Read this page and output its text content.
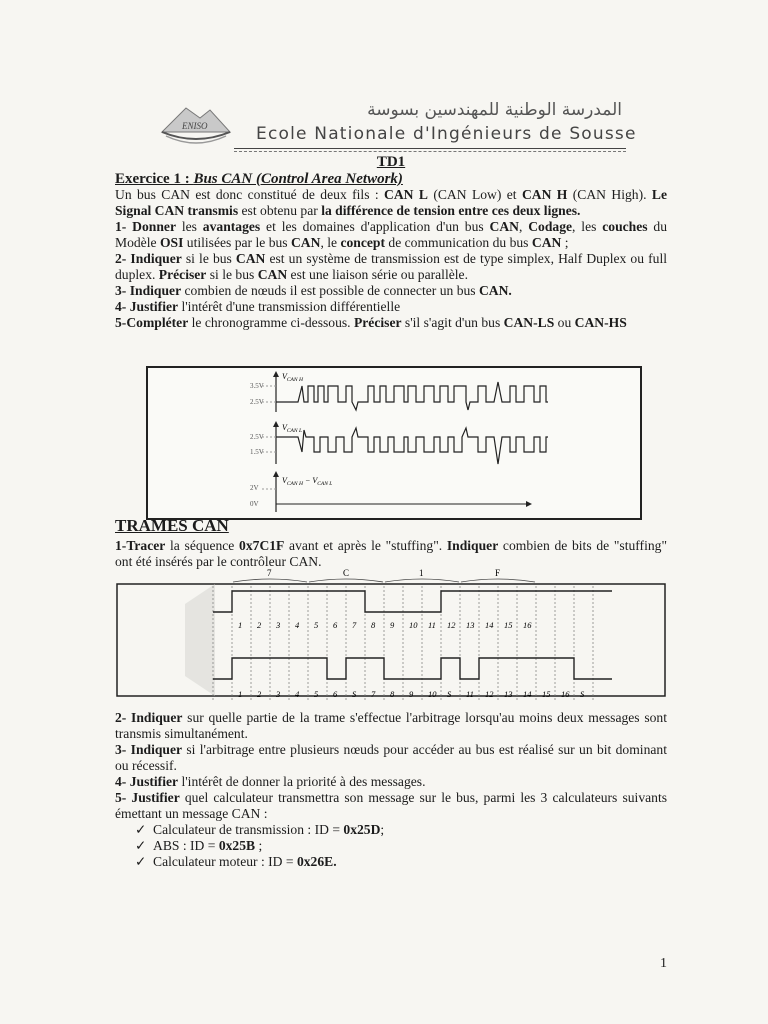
ENISO
المدرسة الوطنية للمهندسين بسوسة
Ecole Nationale d'Ingénieurs de Sousse
TD1
Exercice 1 : Bus CAN (Control Area Network)

Un bus CAN est donc constitué de deux fils : CAN L (CAN Low) et CAN H (CAN High). Le Signal CAN transmis est obtenu par la différence de tension entre ces deux lignes.

1- Donner les avantages et les domaines d'application d'un bus CAN, Codage, les couches du Modèle OSI utilisées par le bus CAN, le concept de communication du bus CAN ;

2- Indiquer si le bus CAN est un système de transmission est de type simplex, Half Duplex ou full duplex. Préciser si le bus CAN est une liaison série ou parallèle.

3- Indiquer combien de nœuds il est possible de connecter un bus CAN.

4- Justifier l'intérêt d'une transmission différentielle

5-Compléter le chronogramme ci-dessous. Préciser s'il s'agit d'un bus CAN-LS ou CAN-HS

$V_{CAN H}$
3.5V
2.5V
$V_{CAN L}$
2.5V
1.5V
$V_{CAN H} - V_{CAN L}$
2V
0V
TRAMES CAN

1-Tracer la séquence 0x7C1F avant et après le "stuffing". Indiquer combien de bits de "stuffing" ont été insérés par le contrôleur CAN.

7	C	1	F
1 2 3 4 5 6 7 8 9 10 11 12 13 14 15 16
1 2 3 4 5 6 S 7 8 9 10 S 11 12 13 14 15 16 S

2- Indiquer sur quelle partie de la trame s'effectue l'arbitrage lorsqu'au moins deux messages sont transmis simultanément.

3- Indiquer si l'arbitrage entre plusieurs nœuds pour accéder au bus est réalisé sur un bit dominant ou récessif.

4- Justifier l'intérêt de donner la priorité à des messages.

5- Justifier quel calculateur transmettra son message sur le bus, parmi les 3 calculateurs suivants émettant un message CAN :

✓ Calculateur de transmission : ID = 0x25D;
✓ ABS : ID = 0x25B ;
✓ Calculateur moteur : ID = 0x26E.
1
